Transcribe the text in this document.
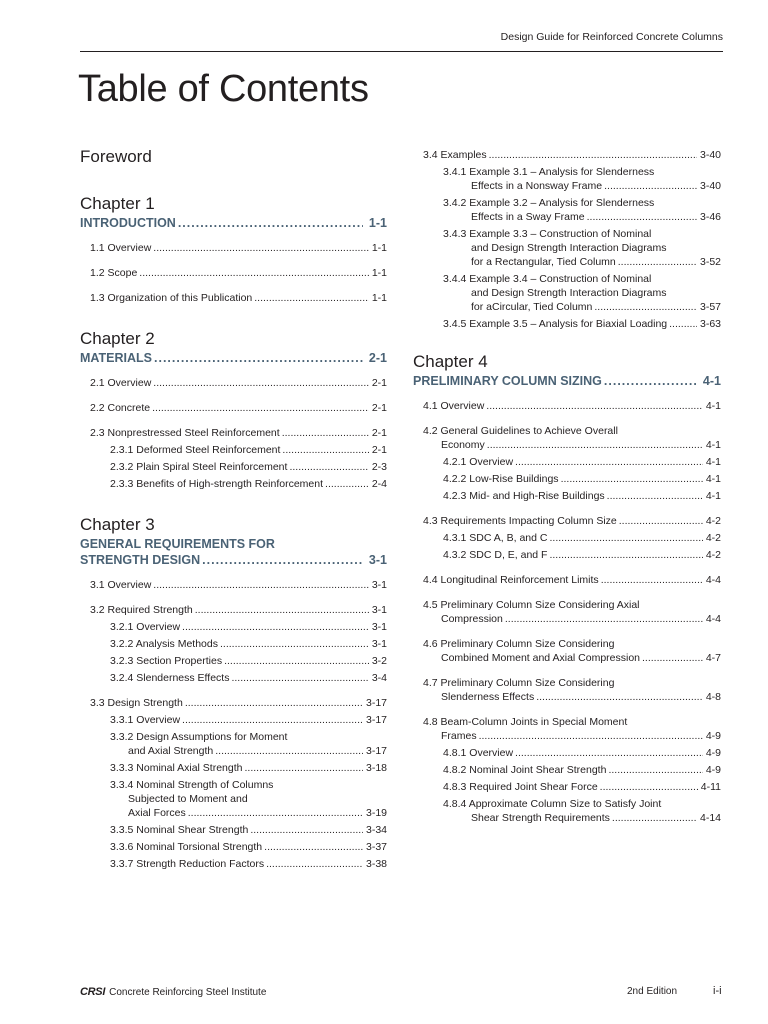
Design Guide for Reinforced Concrete Columns
Table of Contents
Foreword
Chapter 1
INTRODUCTION .....	1-1
1.1 Overview .....	1-1
1.2 Scope .....	1-1
1.3 Organization of this Publication .....	1-1
Chapter 2
MATERIALS .....	2-1
2.1 Overview .....	2-1
2.2 Concrete .....	2-1
2.3 Nonprestressed Steel Reinforcement .....	2-1
2.3.1 Deformed Steel Reinforcement .....	2-1
2.3.2 Plain Spiral Steel Reinforcement .....	2-3
2.3.3 Benefits of High-strength Reinforcement .....	2-4
Chapter 3
GENERAL REQUIREMENTS FOR
STRENGTH DESIGN .....	3-1
3.1 Overview .....	3-1
3.2 Required Strength .....	3-1
3.2.1 Overview .....	3-1
3.2.2 Analysis Methods .....	3-1
3.2.3 Section Properties .....	3-2
3.2.4 Slenderness Effects .....	3-4
3.3 Design Strength .....	3-17
3.3.1 Overview .....	3-17
3.3.2 Design Assumptions for Moment
and Axial Strength .....	3-17
3.3.3 Nominal Axial Strength .....	3-18
3.3.4 Nominal Strength of Columns
Subjected to Moment and
Axial Forces .....	3-19
3.3.5 Nominal Shear Strength .....	3-34
3.3.6 Nominal Torsional Strength .....	3-37
3.3.7 Strength Reduction Factors .....	3-38
3.4 Examples .....	3-40
3.4.1 Example 3.1 – Analysis for Slenderness
Effects in a Nonsway Frame .....	3-40
3.4.2 Example 3.2 – Analysis for Slenderness
Effects in a Sway Frame .....	3-46
3.4.3 Example 3.3 – Construction of Nominal
and Design Strength Interaction Diagrams
for a Rectangular, Tied Column .....	3-52
3.4.4 Example 3.4 – Construction of Nominal
and Design Strength Interaction Diagrams
for aCircular, Tied Column .....	3-57
3.4.5 Example 3.5 – Analysis for Biaxial Loading .....	3-63
Chapter 4
PRELIMINARY COLUMN SIZING .....	4-1
4.1 Overview .....	4-1
4.2 General Guidelines to Achieve Overall
Economy .....	4-1
4.2.1 Overview .....	4-1
4.2.2 Low-Rise Buildings .....	4-1
4.2.3 Mid- and High-Rise Buildings .....	4-1
4.3 Requirements Impacting Column Size .....	4-2
4.3.1 SDC A, B, and C .....	4-2
4.3.2 SDC D, E, and F .....	4-2
4.4 Longitudinal Reinforcement Limits .....	4-4
4.5 Preliminary Column Size Considering Axial
Compression .....	4-4
4.6 Preliminary Column Size Considering
Combined Moment and Axial Compression .....	4-7
4.7 Preliminary Column Size Considering
Slenderness Effects .....	4-8
4.8 Beam-Column Joints in Special Moment
Frames .....	4-9
4.8.1 Overview .....	4-9
4.8.2 Nominal Joint Shear Strength .....	4-9
4.8.3 Required Joint Shear Force .....	4-11
4.8.4 Approximate Column Size to Satisfy Joint
Shear Strength Requirements .....	4-14
CRSI Concrete Reinforcing Steel Institute	2nd Edition	i-i
